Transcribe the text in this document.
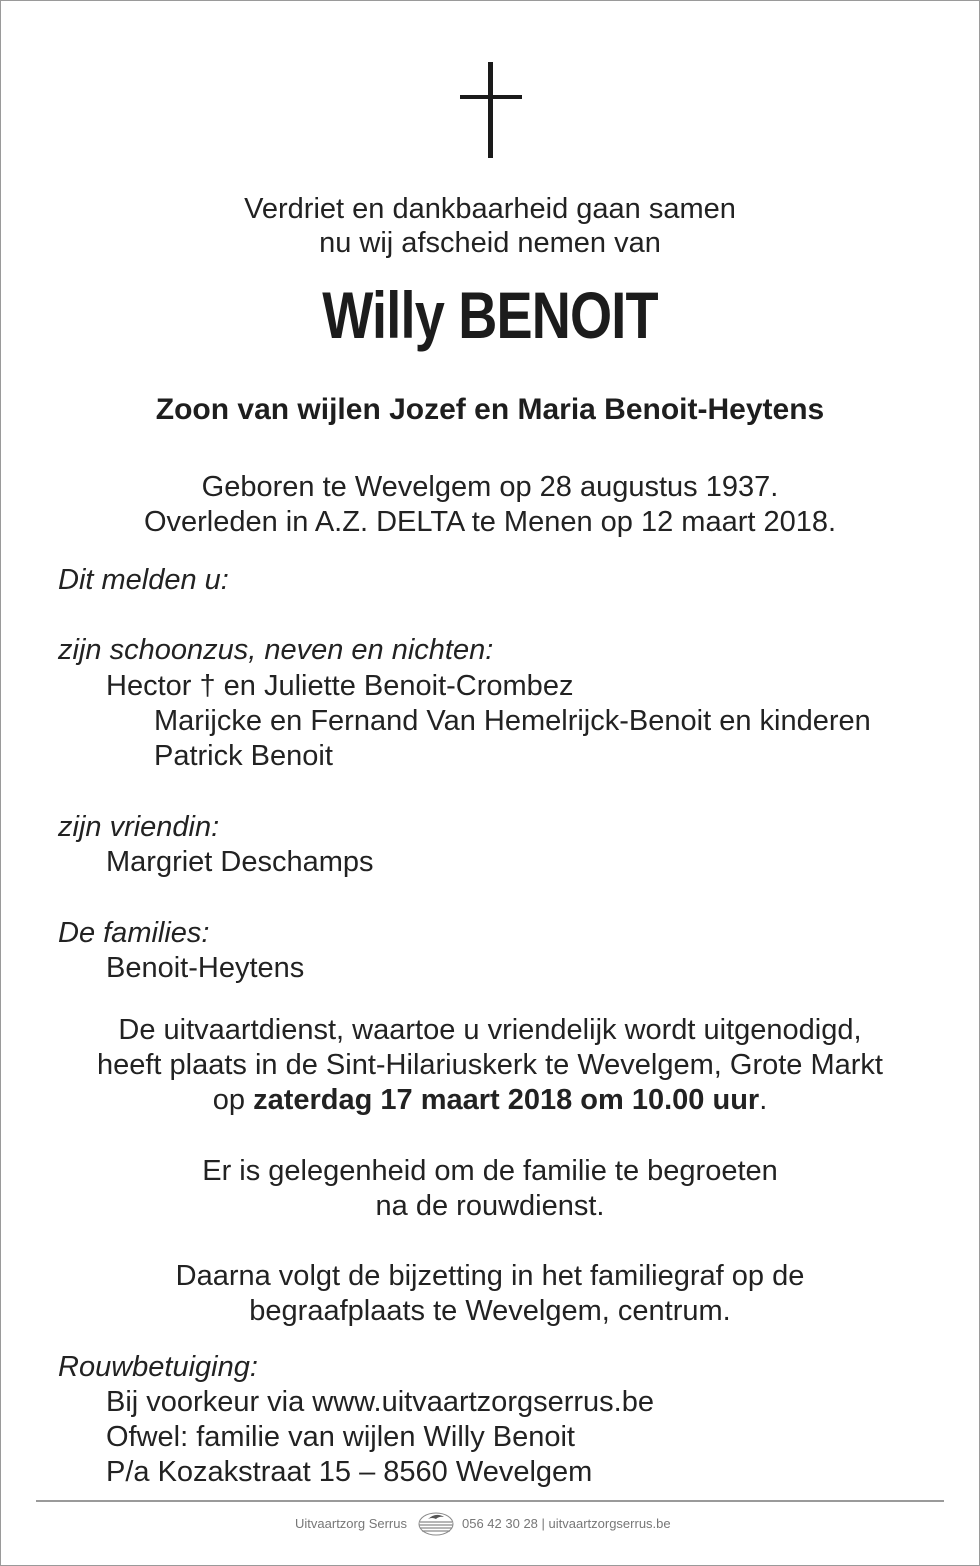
Verdriet en dankbaarheid gaan samen

nu wij afscheid nemen van

Willy BENOIT
Zoon van wijlen Jozef en Maria Benoit-Heytens

Geboren te Wevelgem op 28 augustus 1937.

Overleden in A.Z. DELTA te Menen op 12 maart 2018.

Dit melden u:

zijn schoonzus, neven en nichten:

Hector † en Juliette Benoit-Crombez

Marijcke en Fernand Van Hemelrijck-Benoit en kinderen

Patrick Benoit

zijn vriendin:

Margriet Deschamps

De families:

Benoit-Heytens

De uitvaartdienst, waartoe u vriendelijk wordt uitgenodigd,

heeft plaats in de Sint-Hilariuskerk te Wevelgem, Grote Markt

op zaterdag 17 maart 2018 om 10.00 uur.

Er is gelegenheid om de familie te begroeten

na de rouwdienst.

Daarna volgt de bijzetting in het familiegraf op de

begraafplaats te Wevelgem, centrum.

Rouwbetuiging:

Bij voorkeur via www.uitvaartzorgserrus.be

Ofwel: familie van wijlen Willy Benoit

P/a Kozakstraat 15 – 8560 Wevelgem

Uitvaartzorg Serrus	056 42 30 28 | uitvaartzorgserrus.be
